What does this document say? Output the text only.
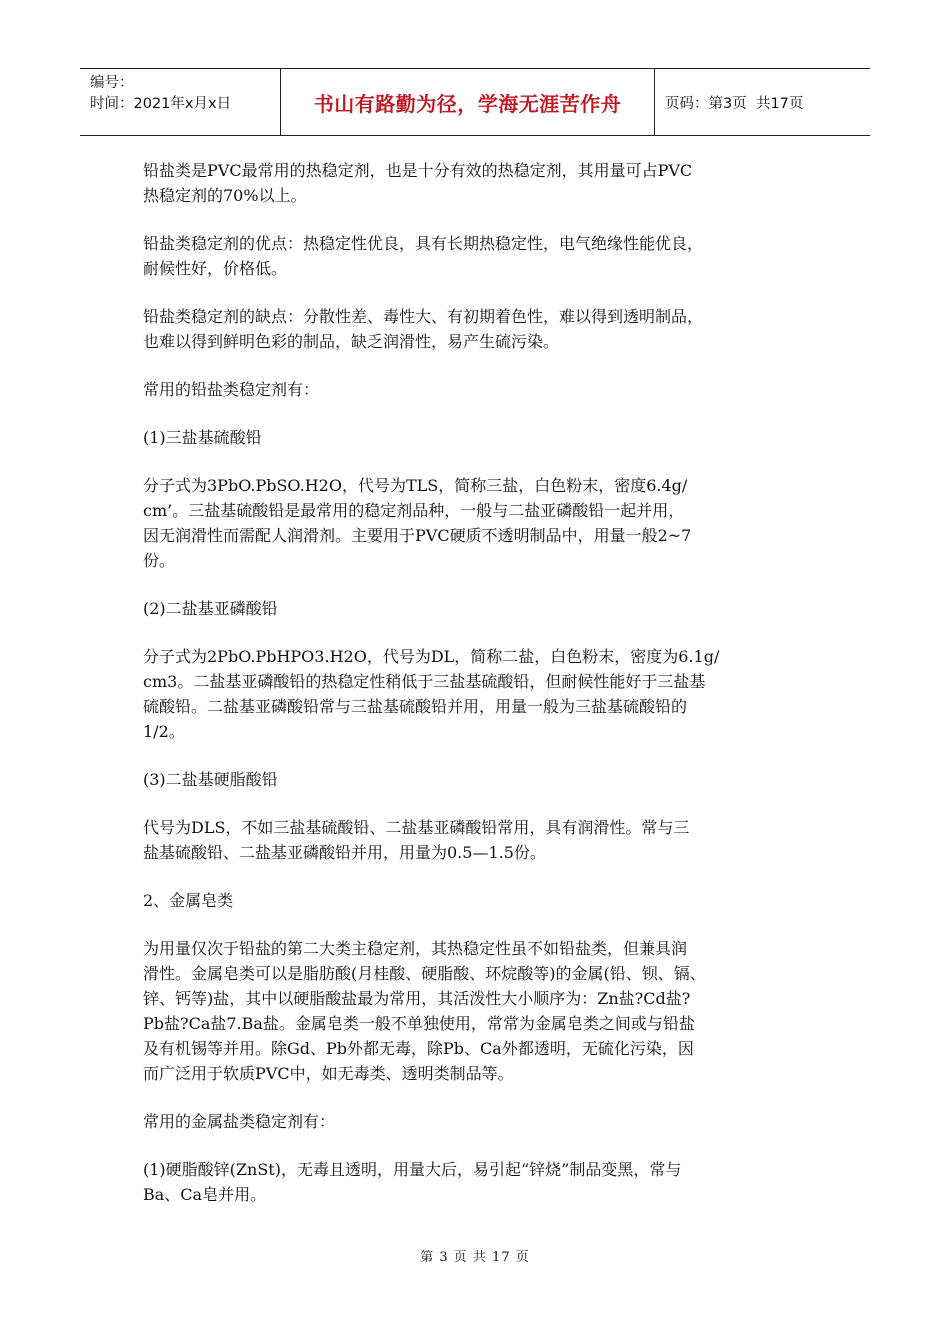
编号：
时间：2021年x月x日	书山有路勤为径，学海无涯苦作舟	页码：第3页  共17页

铅盐类是PVC最常用的热稳定剂，也是十分有效的热稳定剂，其用量可占PVC
热稳定剂的70%以上。

铅盐类稳定剂的优点：热稳定性优良，具有长期热稳定性，电气绝缘性能优良，
耐候性好，价格低。

铅盐类稳定剂的缺点：分散性差、毒性大、有初期着色性，难以得到透明制品，
也难以得到鲜明色彩的制品，缺乏润滑性，易产生硫污染。

常用的铅盐类稳定剂有：

(1)三盐基硫酸铅

分子式为3PbO.PbSO.H2O，代号为TLS，简称三盐，白色粉末，密度6.4g/
cm’。三盐基硫酸铅是最常用的稳定剂品种，一般与二盐亚磷酸铅一起并用，
因无润滑性而需配人润滑剂。主要用于PVC硬质不透明制品中，用量一般2~7
份。

(2)二盐基亚磷酸铅

分子式为2PbO.PbHPO3.H2O，代号为DL，简称二盐，白色粉末，密度为6.1g/
cm3。二盐基亚磷酸铅的热稳定性稍低于三盐基硫酸铅，但耐候性能好于三盐基
硫酸铅。二盐基亚磷酸铅常与三盐基硫酸铅并用，用量一般为三盐基硫酸铅的
1/2。

(3)二盐基硬脂酸铅

代号为DLS，不如三盐基硫酸铅、二盐基亚磷酸铅常用，具有润滑性。常与三
盐基硫酸铅、二盐基亚磷酸铅并用，用量为0.5—1.5份。

2、金属皂类

为用量仅次于铅盐的第二大类主稳定剂，其热稳定性虽不如铅盐类，但兼具润
滑性。金属皂类可以是脂肪酸(月桂酸、硬脂酸、环烷酸等)的金属(铅、钡、镉、
锌、钙等)盐，其中以硬脂酸盐最为常用，其活泼性大小顺序为：Zn盐?Cd盐?
Pb盐?Ca盐7.Ba盐。金属皂类一般不单独使用，常常为金属皂类之间或与铅盐
及有机锡等并用。除Gd、Pb外都无毒，除Pb、Ca外都透明，无硫化污染，因
而广泛用于软质PVC中，如无毒类、透明类制品等。

常用的金属盐类稳定剂有：

(1)硬脂酸锌(ZnSt)，无毒且透明，用量大后，易引起“锌烧”制品变黑，常与
Ba、Ca皂并用。

第 3 页 共 17 页
